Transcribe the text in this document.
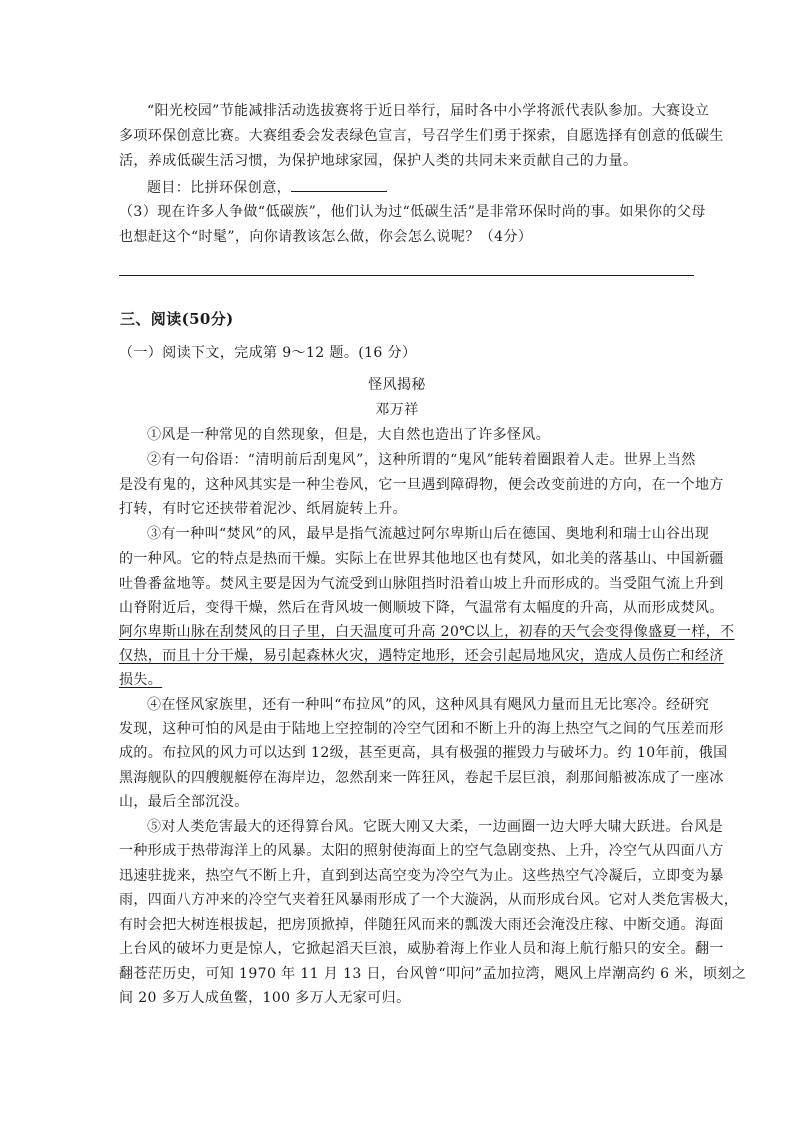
“阳光校园”节能减排活动选拔赛将于近日举行，届时各中小学将派代表队参加。大赛设立
多项环保创意比赛。大赛组委会发表绿色宣言，号召学生们勇于探索，自愿选择有创意的低碳生
活，养成低碳生活习惯，为保护地球家园，保护人类的共同未来贡献自己的力量。
题目：比拼环保创意，
（3）现在许多人争做“低碳族”，他们认为过“低碳生活”是非常环保时尚的事。如果你的父母
也想赶这个“时髦”，向你请教该怎么做，你会怎么说呢？（4分）
三、阅读(50分)
（一）阅读下文，完成第 9～12 题。(16 分）
怪风揭秘
邓万祥
①风是一种常见的自然现象，但是，大自然也造出了许多怪风。
②有一句俗语：“清明前后刮鬼风”，这种所谓的“鬼风”能转着圈跟着人走。世界上当然
是没有鬼的，这种风其实是一种尘卷风，它一旦遇到障碍物，便会改变前进的方向，在一个地方
打转，有时它还挟带着泥沙、纸屑旋转上升。
③有一种叫“焚风”的风，最早是指气流越过阿尔卑斯山后在德国、奥地利和瑞士山谷出现
的一种风。它的特点是热而干燥。实际上在世界其他地区也有焚风，如北美的落基山、中国新疆
吐鲁番盆地等。焚风主要是因为气流受到山脉阻挡时沿着山坡上升而形成的。当受阻气流上升到
山脊附近后，变得干燥，然后在背风坡一侧顺坡下降，气温常有太幅度的升高，从而形成焚风。
阿尔卑斯山脉在刮焚风的日子里，白天温度可升高 20℃以上，初春的天气会变得像盛夏一样，不
仅热，而且十分干燥，易引起森林火灾，遇特定地形，还会引起局地风灾，造成人员伤亡和经济
损失。
④在怪风家族里，还有一种叫“布拉风”的风，这种风具有飓风力量而且无比寒冷。经研究
发现，这种可怕的风是由于陆地上空控制的冷空气团和不断上升的海上热空气之间的气压差而形
成的。布拉风的风力可以达到 12级，甚至更高，具有极强的摧毁力与破坏力。约 10年前，俄国
黑海舰队的四艘舰艇停在海岸边，忽然刮来一阵狂风，卷起千层巨浪，刹那间船被冻成了一座冰
山，最后全部沉没。
⑤对人类危害最大的还得算台风。它既大刚又大柔，一边画圈一边大呼大啸大跃进。台风是
一种形成于热带海洋上的风暴。太阳的照射使海面上的空气急剧变热、上升，冷空气从四面八方
迅速驻拢来，热空气不断上升，直到到达高空变为冷空气为止。这些热空气冷凝后，立即变为暴
雨，四面八方冲来的冷空气夹着狂风暴雨形成了一个大漩涡，从而形成台风。它对人类危害极大，
有时会把大树连根拔起，把房顶掀掉，伴随狂风而来的瓢泼大雨还会淹没庄稼、中断交通。海面
上台风的破坏力更是惊人，它掀起滔天巨浪，威胁着海上作业人员和海上航行船只的安全。翻一
翻苍茫历史，可知 1970 年 11 月 13 日，台风曾“叩问”孟加拉湾，飓风上岸潮高约 6 米，顷刻之
间 20 多万人成鱼鳖，100 多万人无家可归。
